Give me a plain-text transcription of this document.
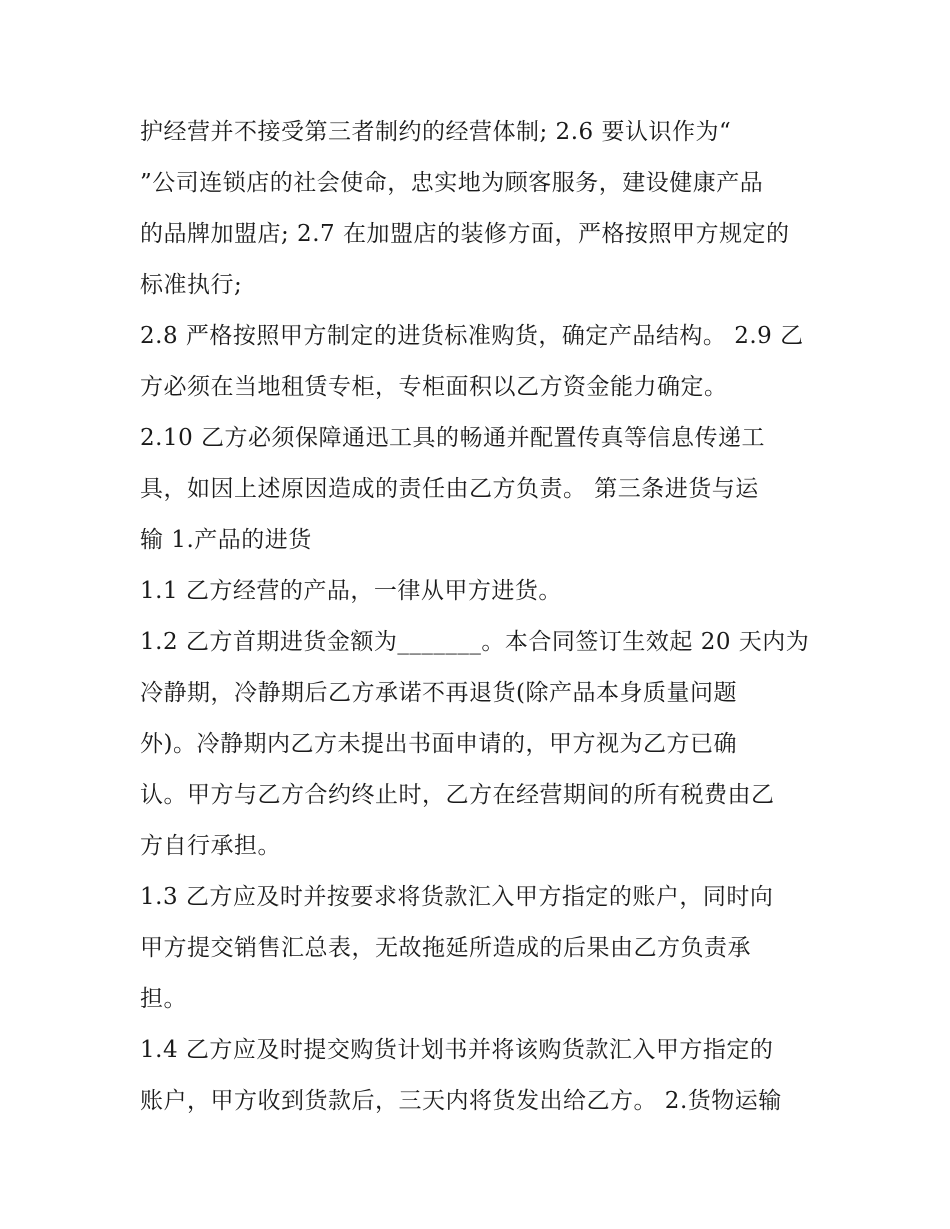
护经营并不接受第三者制约的经营体制; 2.6 要认识作为“
”公司连锁店的社会使命，忠实地为顾客服务，建设健康产品
的品牌加盟店; 2.7 在加盟店的装修方面，严格按照甲方规定的
标准执行;
2.8 严格按照甲方制定的进货标准购货，确定产品结构。 2.9 乙
方必须在当地租赁专柜，专柜面积以乙方资金能力确定。
2.10 乙方必须保障通迅工具的畅通并配置传真等信息传递工
具，如因上述原因造成的责任由乙方负责。 第三条进货与运
输 1.产品的进货
1.1 乙方经营的产品，一律从甲方进货。
1.2 乙方首期进货金额为_______。本合同签订生效起 20 天内为
冷静期，冷静期后乙方承诺不再退货(除产品本身质量问题
外)。冷静期内乙方未提出书面申请的，甲方视为乙方已确
认。甲方与乙方合约终止时，乙方在经营期间的所有税费由乙
方自行承担。
1.3 乙方应及时并按要求将货款汇入甲方指定的账户，同时向
甲方提交销售汇总表，无故拖延所造成的后果由乙方负责承
担。
1.4 乙方应及时提交购货计划书并将该购货款汇入甲方指定的
账户，甲方收到货款后，三天内将货发出给乙方。 2.货物运输
